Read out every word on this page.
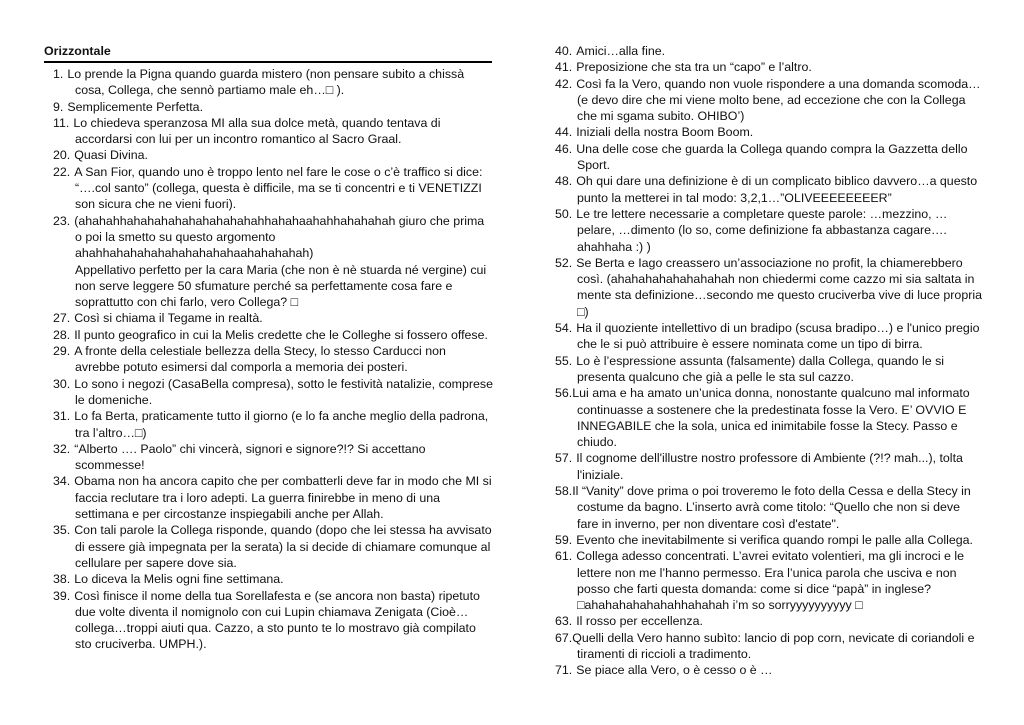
Orizzontale

1. Lo prende la Pigna quando guarda mistero (non pensare subito a chissà cosa, Collega, che sennò partiamo male eh…□ ).

9. Semplicemente Perfetta.

11. Lo chiedeva speranzosa MI alla sua dolce metà, quando tentava di accordarsi con lui per un incontro romantico al Sacro Graal.

20. Quasi Divina.

22. A San Fior, quando uno è troppo lento nel fare le cose o c’è traffico si dice: “….col santo” (collega, questa è difficile, ma se ti concentri e ti VENETIZZI son sicura che ne vieni fuori).

23. (ahahahhahahahahahahahahahahhahahaahahhahahahah giuro che prima o poi la smetto su questo argomento ahahhahahahahahahahahahaahahahahah)
Appellativo perfetto per la cara Maria (che non è nè stuarda né vergine) cui non serve leggere 50 sfumature perché sa perfettamente cosa fare e soprattutto con chi farlo, vero Collega? □

27. Così si chiama il Tegame in realtà.

28. Il punto geografico in cui la Melis credette che le Colleghe si fossero offese.

29. A fronte della celestiale bellezza della Stecy, lo stesso Carducci non avrebbe potuto esimersi dal comporla a memoria dei posteri.

30. Lo sono i negozi (CasaBella compresa), sotto le festività natalizie, comprese le domeniche.

31. Lo fa Berta, praticamente tutto il giorno (e lo fa anche meglio della padrona, tra l’altro…□)

32. “Alberto …. Paolo” chi vincerà, signori e signore?!? Si accettano scommesse!

34. Obama non ha ancora capito che per combatterli deve far in modo che MI si faccia reclutare tra i loro adepti. La guerra finirebbe in meno di una settimana e per circostanze inspiegabili anche per Allah.

35. Con tali parole la Collega risponde, quando (dopo che lei stessa ha avvisato di essere già impegnata per la serata) la si decide di chiamare comunque al cellulare per sapere dove sia.

38. Lo diceva la Melis ogni fine settimana.

39. Così finisce il nome della tua Sorellafesta e (se ancora non basta) ripetuto due volte diventa il nomignolo con cui Lupin chiamava Zenigata (Cioè…collega…troppi aiuti qua. Cazzo, a sto punto te lo mostravo già compilato sto cruciverba. UMPH.).

40. Amici…alla fine.

41. Preposizione che sta tra un “capo” e l’altro.

42. Così fa la Vero, quando non vuole rispondere a una domanda scomoda…(e devo dire che mi viene molto bene, ad eccezione che con la Collega che mi sgama subito. OHIBO’)

44. Iniziali della nostra Boom Boom.

46. Una delle cose che guarda la Collega quando compra la Gazzetta dello Sport.

48. Oh qui dare una definizione è di un complicato biblico davvero…a questo punto la metterei in tal modo: 3,2,1…”OLIVEEEEEEEER”

50. Le tre lettere necessarie a completare queste parole: …mezzino, …pelare, …dimento (lo so, come definizione fa abbastanza cagare…. ahahhaha :) )

52. Se Berta e Iago creassero un’associazione no profit, la chiamerebbero così. (ahahahahahahahahah non chiedermi come cazzo mi sia saltata in mente sta definizione…secondo me questo cruciverba vive di luce propria □)

54. Ha il quoziente intellettivo di un bradipo (scusa bradipo…) e l'unico pregio che le si può attribuire è essere nominata come un tipo di birra.

55. Lo è l’espressione assunta (falsamente) dalla Collega, quando le si presenta qualcuno che già a pelle le sta sul cazzo.

56.Lui ama e ha amato un’unica donna, nonostante qualcuno mal informato continuasse a sostenere che la predestinata fosse la Vero. E’ OVVIO E INNEGABILE che la sola, unica ed inimitabile fosse la Stecy. Passo e chiudo.

57. Il cognome dell'illustre nostro professore di Ambiente (?!? mah...), tolta l'iniziale.

58.Il “Vanity” dove prima o poi troveremo le foto della Cessa e della Stecy in costume da bagno. L’inserto avrà come titolo: “Quello che non si deve fare in inverno, per non diventare così d'estate".

59. Evento che inevitabilmente si verifica quando rompi le palle alla Collega.

61. Collega adesso concentrati. L’avrei evitato volentieri, ma gli incroci e le lettere non me l’hanno permesso. Era l’unica parola che usciva e non posso che farti questa domanda: come si dice “papà” in inglese? □ahahahahahahahhahahah i’m so sorryyyyyyyyyy □

63. Il rosso per eccellenza.

67.Quelli della Vero hanno subìto: lancio di pop corn, nevicate di coriandoli e tiramenti di riccioli a tradimento.

71. Se piace alla Vero, o è cesso o è …
